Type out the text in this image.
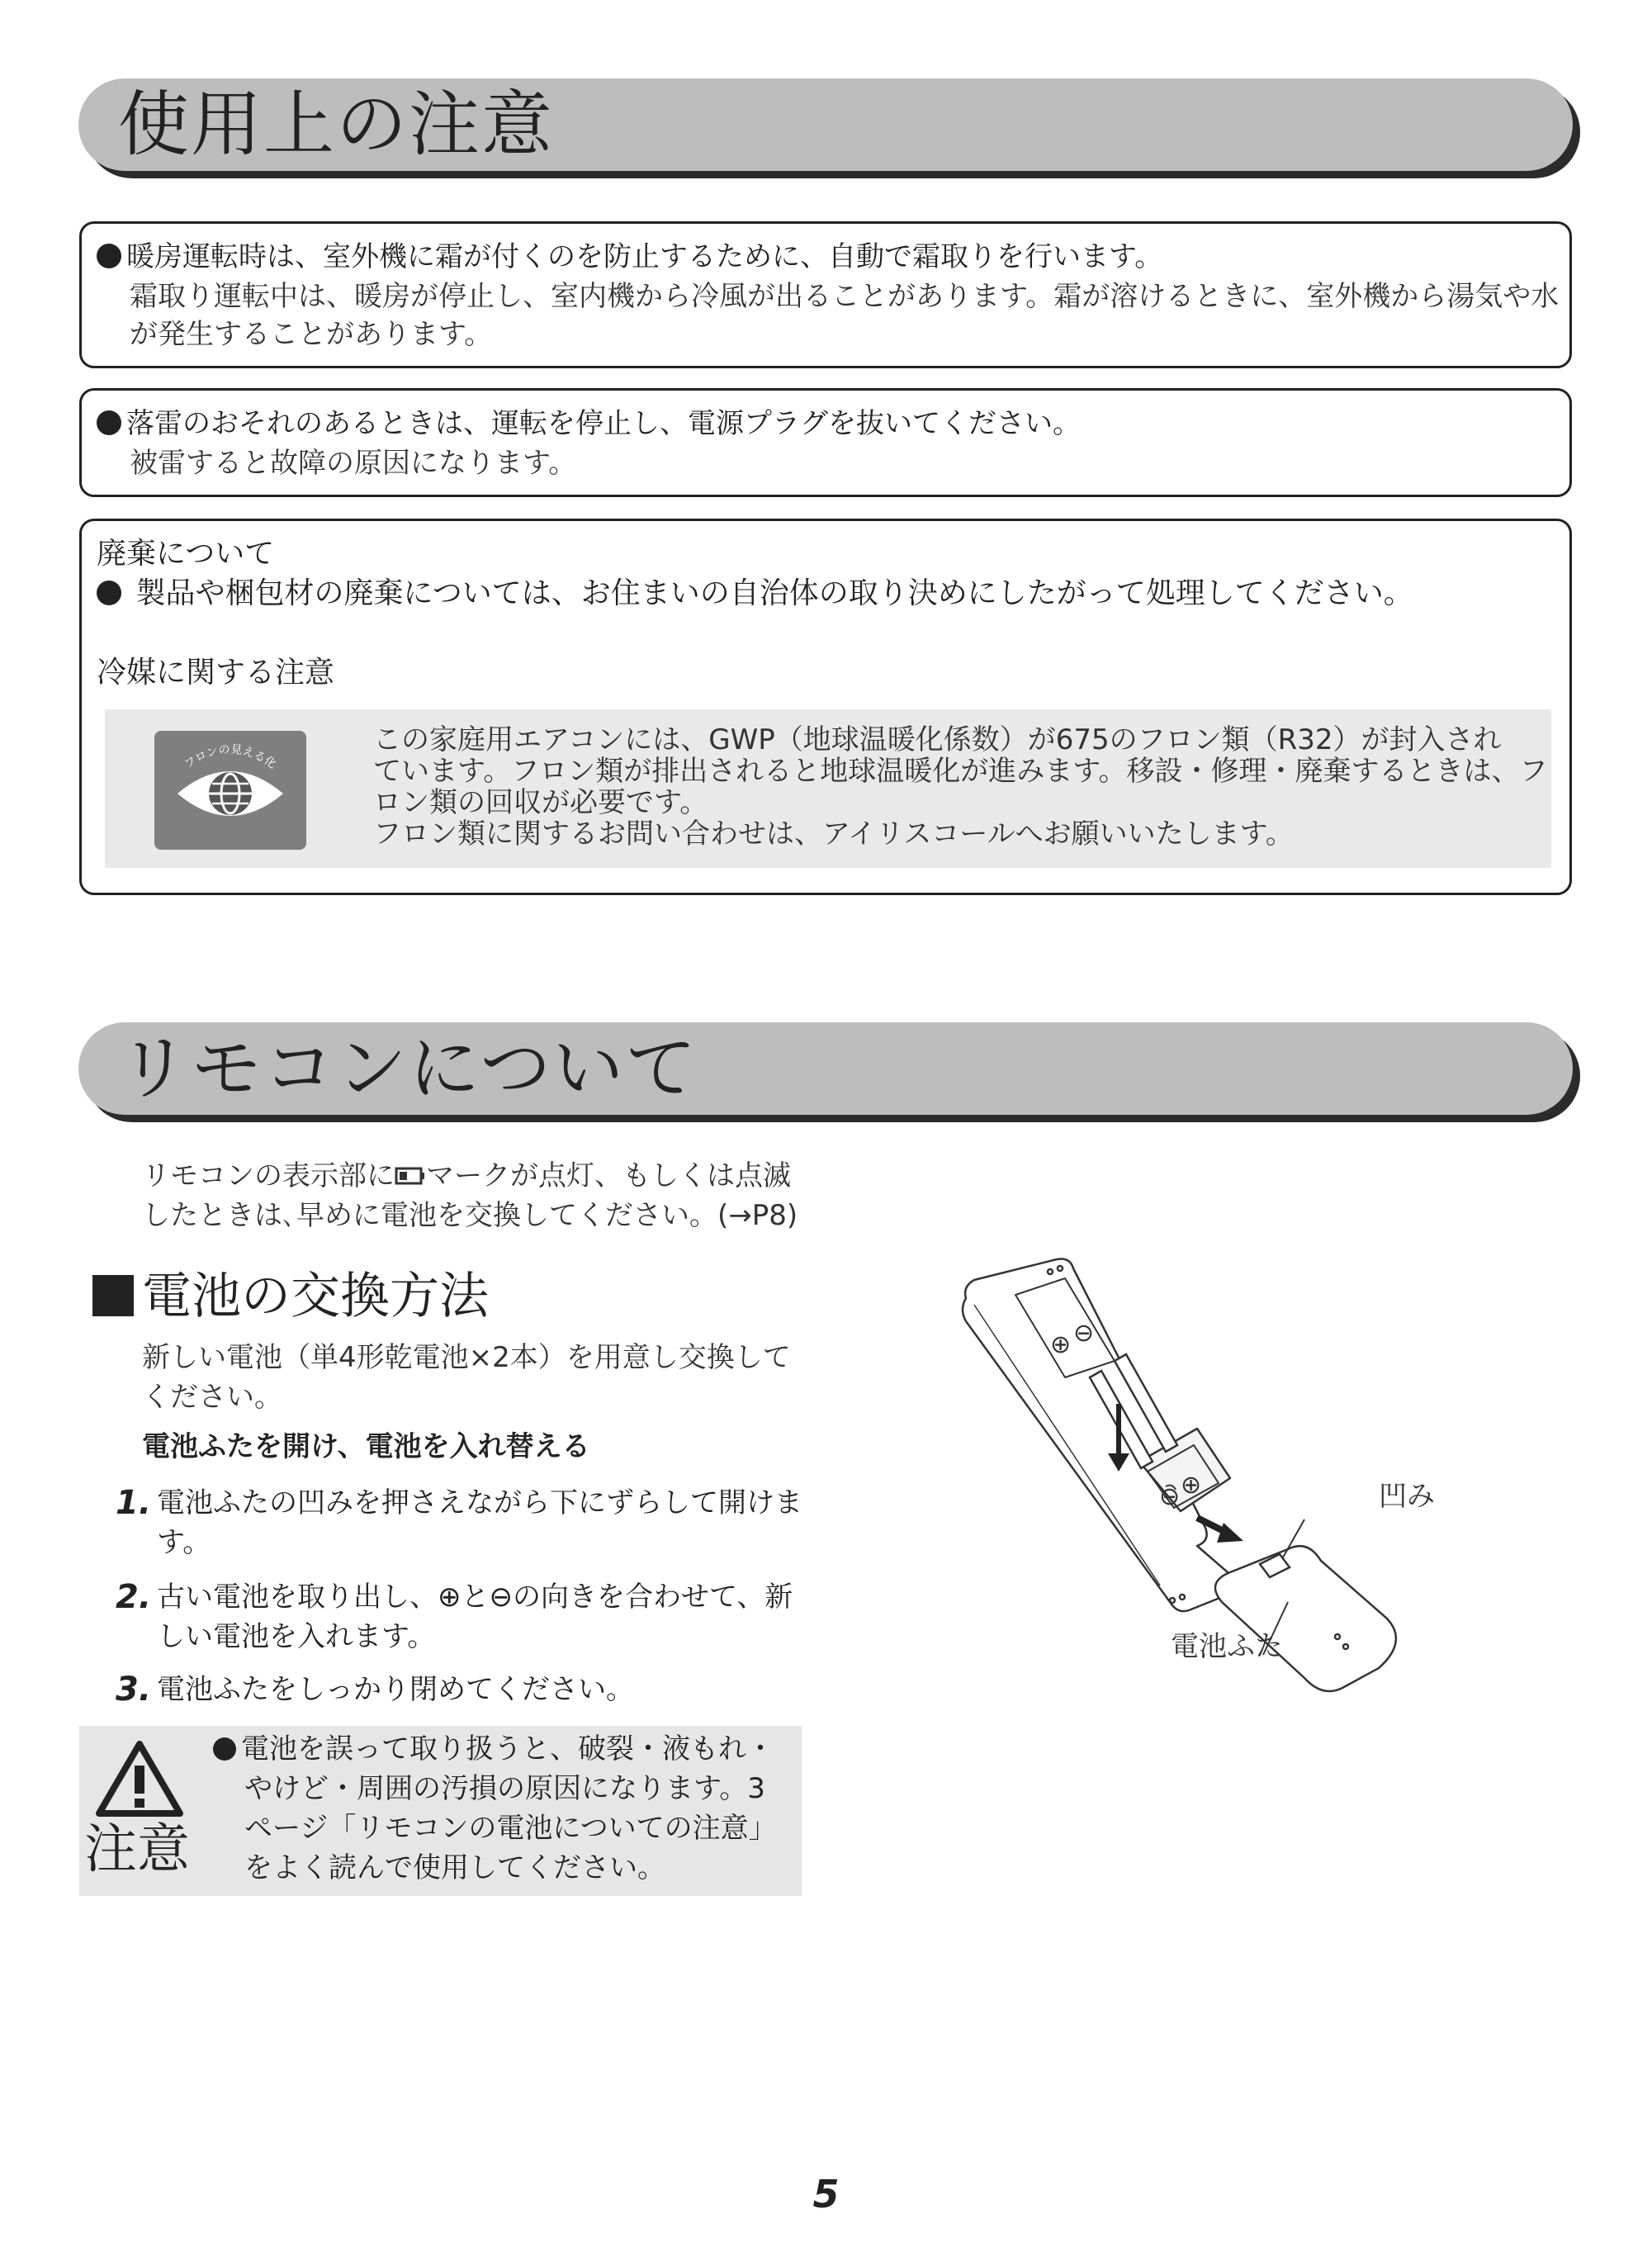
使用上の注意
暖房運転時は、室外機に霜が付くのを防止するために、自動で霜取りを行います。
霜取り運転中は、暖房が停止し、室内機から冷風が出ることがあります。霜が溶けるときに、室外機から湯気や水
が発生することがあります。
落雷のおそれのあるときは、運転を停止し、電源プラグを抜いてください。
被雷すると故障の原因になります。
廃棄について
製品や梱包材の廃棄については、お住まいの自治体の取り決めにしたがって処理してください。
冷媒に関する注意
フロンの見える化
この家庭用エアコンには、GWP（地球温暖化係数）が675のフロン類（R32）が封入され
ています。フロン類が排出されると地球温暖化が進みます。移設・修理・廃棄するときは、フ
ロン類の回収が必要です。
フロン類に関するお問い合わせは、アイリスコールへお願いいたします。
リモコンについて
リモコンの表示部に マークが点灯、もしくは点滅
したときは､早めに電池を交換してください。(→P8)
電池の交換方法
新しい電池（単4形乾電池×2本）を用意し交換して
ください。
電池ふたを開け、電池を入れ替える
1. 電池ふたの凹みを押さえながら下にずらして開けま
す。
2. 古い電池を取り出し、⊕と⊖の向きを合わせて、新
しい電池を入れます。
3. 電池ふたをしっかり閉めてください。
注意
電池を誤って取り扱うと、破裂・液もれ・
やけど・周囲の汚損の原因になります。3
ページ「リモコンの電池についての注意」
をよく読んで使用してください。
⊕ ⊖
⊖ ⊕	凹み
電池ふた
5
